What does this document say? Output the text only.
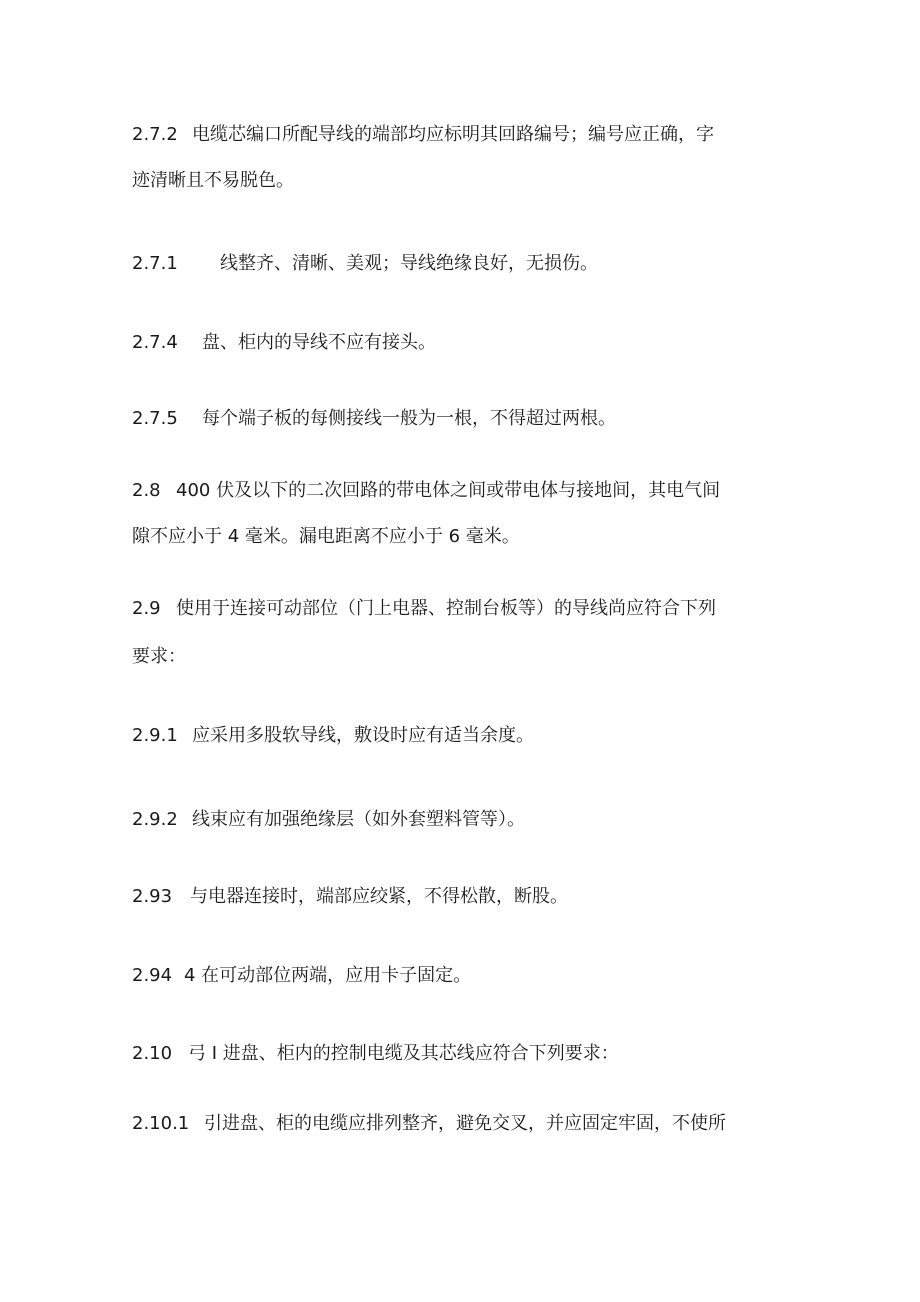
2.7.2 电缆芯编口所配导线的端部均应标明其回路编号；编号应正确，字
迹清晰且不易脱色。
2.7.1 线整齐、清晰、美观；导线绝缘良好，无损伤。
2.7.4 盘、柜内的导线不应有接头。
2.7.5 每个端子板的每侧接线一般为一根，不得超过两根。
2.8 400 伏及以下的二次回路的带电体之间或带电体与接地间，其电气间
隙不应小于 4 毫米。漏电距离不应小于 6 毫米。
2.9 使用于连接可动部位（门上电器、控制台板等）的导线尚应符合下列
要求：
2.9.1 应采用多股软导线，敷设时应有适当余度。
2.9.2 线束应有加强绝缘层（如外套塑料管等）。
2.93 与电器连接时，端部应绞紧，不得松散，断股。
2.94 4 在可动部位两端，应用卡子固定。
2.10 弓 I 进盘、柜内的控制电缆及其芯线应符合下列要求：
2.10.1 引进盘、柜的电缆应排列整齐，避免交叉，并应固定牢固，不使所
